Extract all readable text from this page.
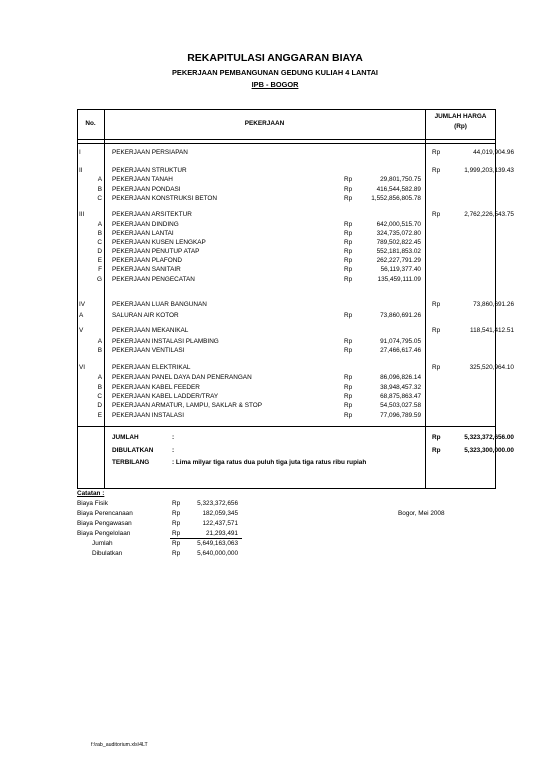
REKAPITULASI ANGGARAN BIAYA
PEKERJAAN PEMBANGUNAN GEDUNG KULIAH 4 LANTAI
IPB - BOGOR
No.	PEKERJAAN
JUMLAH HARGA
(Rp)
I	PEKERJAAN PERSIAPAN	Rp	44,019,904.96
II	PEKERJAAN STRUKTUR	Rp	1,999,203,139.43
A PEKERJAAN TANAH	Rp	29,801,750.75
B PEKERJAAN PONDASI	Rp	416,544,582.89
C PEKERJAAN KONSTRUKSI BETON	Rp	1,552,856,805.78
III	PEKERJAAN ARSITEKTUR	Rp	2,762,226,543.75
A PEKERJAAN DINDING	Rp	642,000,515.70
B PEKERJAAN LANTAI	Rp	324,735,072.80
C PEKERJAAN KUSEN LENGKAP	Rp	789,502,822.45
D PEKERJAAN PENUTUP ATAP	Rp	552,181,853.02
E PEKERJAAN PLAFOND	Rp	262,227,791.29
F PEKERJAAN SANITAIR	Rp	56,119,377.40
G PEKERJAAN PENGECATAN	Rp	135,459,111.09
IV	PEKERJAAN LUAR BANGUNAN	Rp	73,860,691.26
A	SALURAN AIR KOTOR	Rp	73,860,691.26
V	PEKERJAAN MEKANIKAL	Rp	118,541,412.51
A PEKERJAAN INSTALASI PLAMBING	Rp	91,074,795.05
B PEKERJAAN VENTILASI	Rp	27,466,617.46
VI	PEKERJAAN ELEKTRIKAL	Rp	325,520,964.10
A PEKERJAAN PANEL DAYA DAN PENERANGAN	Rp	86,096,826.14
B PEKERJAAN KABEL FEEDER	Rp	38,948,457.32
C PEKERJAAN KABEL LADDER/TRAY	Rp	68,875,863.47
D PEKERJAAN ARMATUR, LAMPU, SAKLAR & STOP	Rp	54,503,027.58
E PEKERJAAN INSTALASI	Rp	77,096,789.59
JUMLAH	:	Rp	5,323,372,656.00
DIBULATKAN	:	Rp	5,323,300,000.00
TERBILANG	: Lima milyar tiga ratus dua puluh tiga juta tiga ratus ribu rupiah
Catatan :
Biaya Fisik	Rp	5,323,372,656
Biaya Perencanaan	Rp	182,059,345
Biaya Pengawasan	Rp	122,437,571
Biaya Pengelolaan	Rp	21,293,491
Jumlah	Rp	5,649,163,063
Dibulatkan	Rp	5,640,000,000
Bogor, Mei 2008
f:\rab_auditorium.xls\4LT
